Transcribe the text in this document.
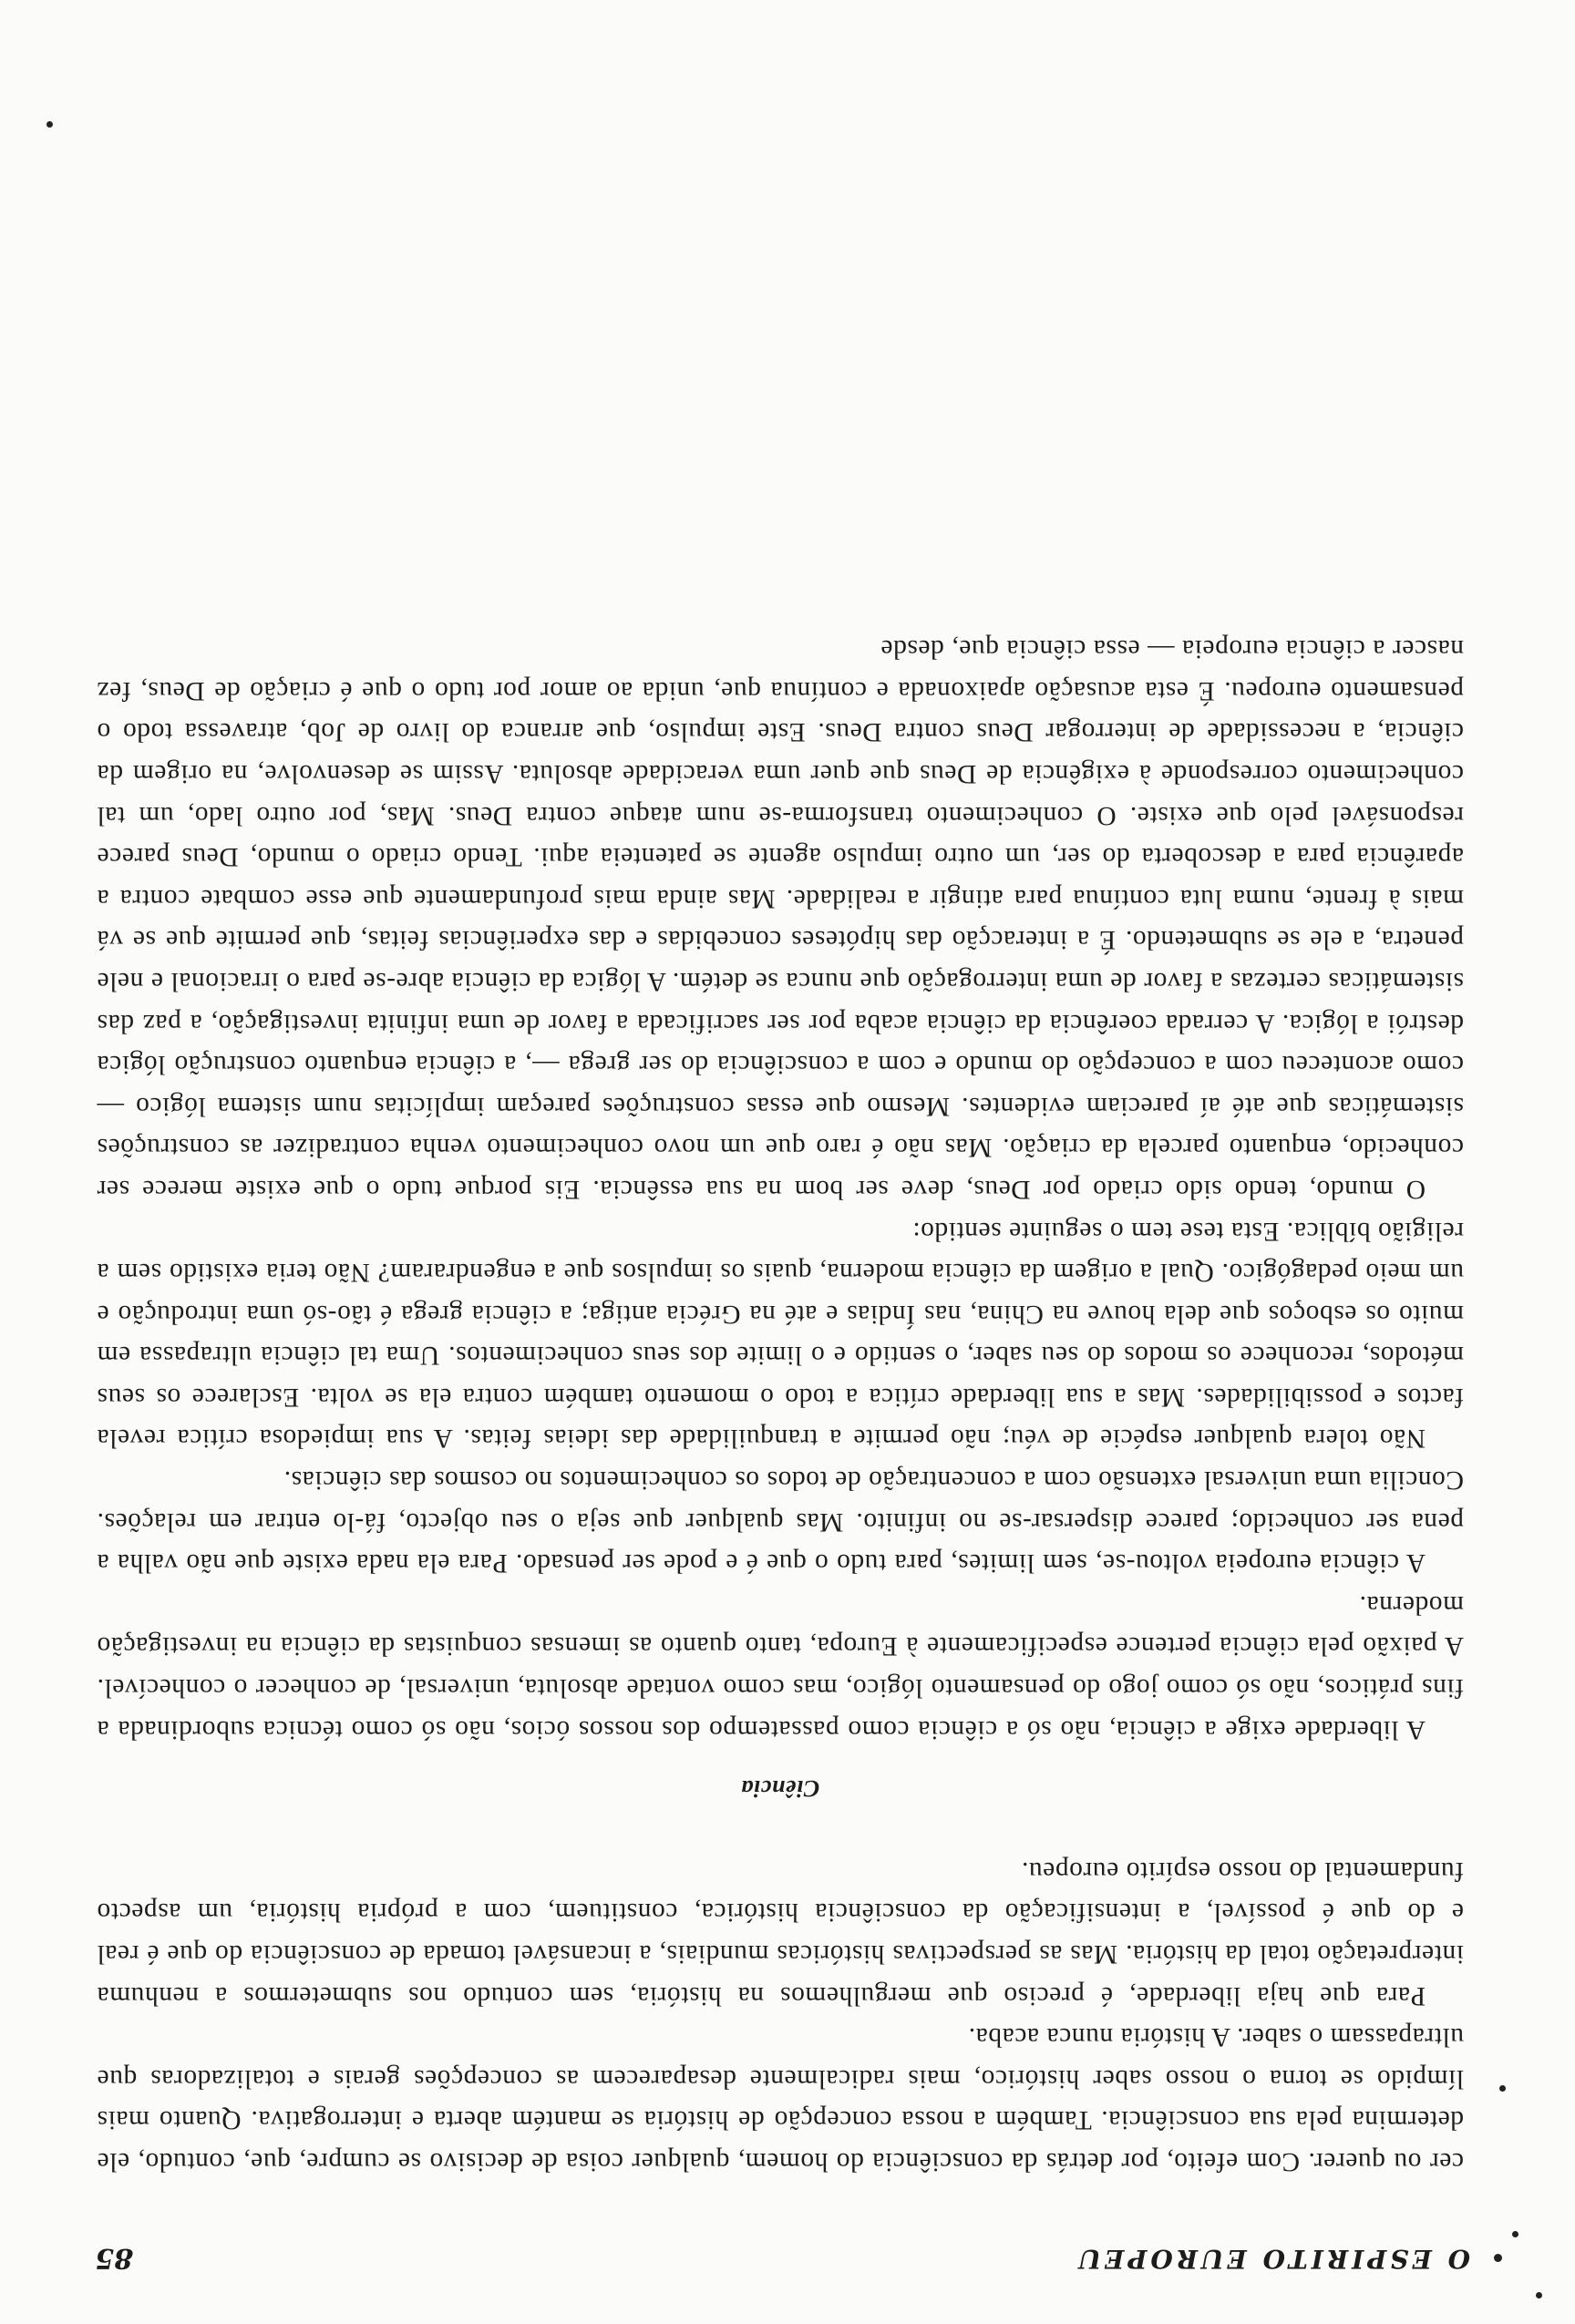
O ESPIRITO EUROPEU
85

cer ou querer. Com efeito, por detrás da consciência do homem, qualquer coisa de decisivo se cumpre, que, contudo, ele determina pela sua consciência. Também a nossa concepção de história se mantém aberta e interrogativa. Quanto mais límpido se torna o nosso saber histórico, mais radicalmente desaparecem as concepções gerais e totalizadoras que ultrapassam o saber. A história nunca acaba.

Para que haja liberdade, é preciso que mergulhemos na história, sem contudo nos submetermos a nenhuma interpretação total da história. Mas as perspectivas históricas mundiais, a incansável tomada de consciência do que é real e do que é possível, a intensificação da consciência histórica, constituem, com a própria história, um aspecto fundamental do nosso espírito europeu.

Ciência

A liberdade exige a ciência, não só a ciência como passatempo dos nossos ócios, não só como técnica subordinada a fins práticos, não só como jogo do pensamento lógico, mas como vontade absoluta, universal, de conhecer o conhecível. A paixão pela ciência pertence especificamente à Europa, tanto quanto as imensas conquistas da ciência na investigação moderna.

A ciência europeia voltou-se, sem limites, para tudo o que é e pode ser pensado. Para ela nada existe que não valha a pena ser conhecido; parece dispersar-se no infinito. Mas qualquer que seja o seu objecto, fá-lo entrar em relações. Concilia uma universal extensão com a concentração de todos os conhecimentos no cosmos das ciências.

Não tolera qualquer espécie de véu; não permite a tranquilidade das ideias feitas. A sua impiedosa crítica revela factos e possibilidades. Mas a sua liberdade crítica a todo o momento também contra ela se volta. Esclarece os seus métodos, reconhece os modos do seu saber, o sentido e o limite dos seus conhecimentos. Uma tal ciência ultrapassa em muito os esboços que dela houve na China, nas Índias e até na Grécia antiga; a ciência grega é tão-só uma introdução e um meio pedagógico. Qual a origem da ciência moderna, quais os impulsos que a engendraram? Não teria existido sem a religião bíblica. Esta tese tem o seguinte sentido:

O mundo, tendo sido criado por Deus, deve ser bom na sua essência. Eis porque tudo o que existe merece ser conhecido, enquanto parcela da criação. Mas não é raro que um novo conhecimento venha contradizer as construções sistemáticas que até aí pareciam evidentes. Mesmo que essas construções pareçam implícitas num sistema lógico — como aconteceu com a concepção do mundo e com a consciência do ser grega —, a ciência enquanto construção lógica destrói a lógica. A cerrada coerência da ciência acaba por ser sacrificada a favor de uma infinita investigação, a paz das sistemáticas certezas a favor de uma interrogação que nunca se detém. A lógica da ciência abre-se para o irracional e nele penetra, a ele se submetendo. É a interacção das hipóteses concebidas e das experiências feitas, que permite que se vá mais à frente, numa luta contínua para atingir a realidade. Mas ainda mais profundamente que esse combate contra a aparência para a descoberta do ser, um outro impulso agente se patenteia aqui. Tendo criado o mundo, Deus parece responsável pelo que existe. O conhecimento transforma-se num ataque contra Deus. Mas, por outro lado, um tal conhecimento corresponde à exigência de Deus que quer uma veracidade absoluta. Assim se desenvolve, na origem da ciência, a necessidade de interrogar Deus contra Deus. Este impulso, que arranca do livro de Job, atravessa todo o pensamento europeu. É esta acusação apaixonada e contínua que, unida ao amor por tudo o que é criação de Deus, fez nascer a ciência europeia — essa ciência que, desde
